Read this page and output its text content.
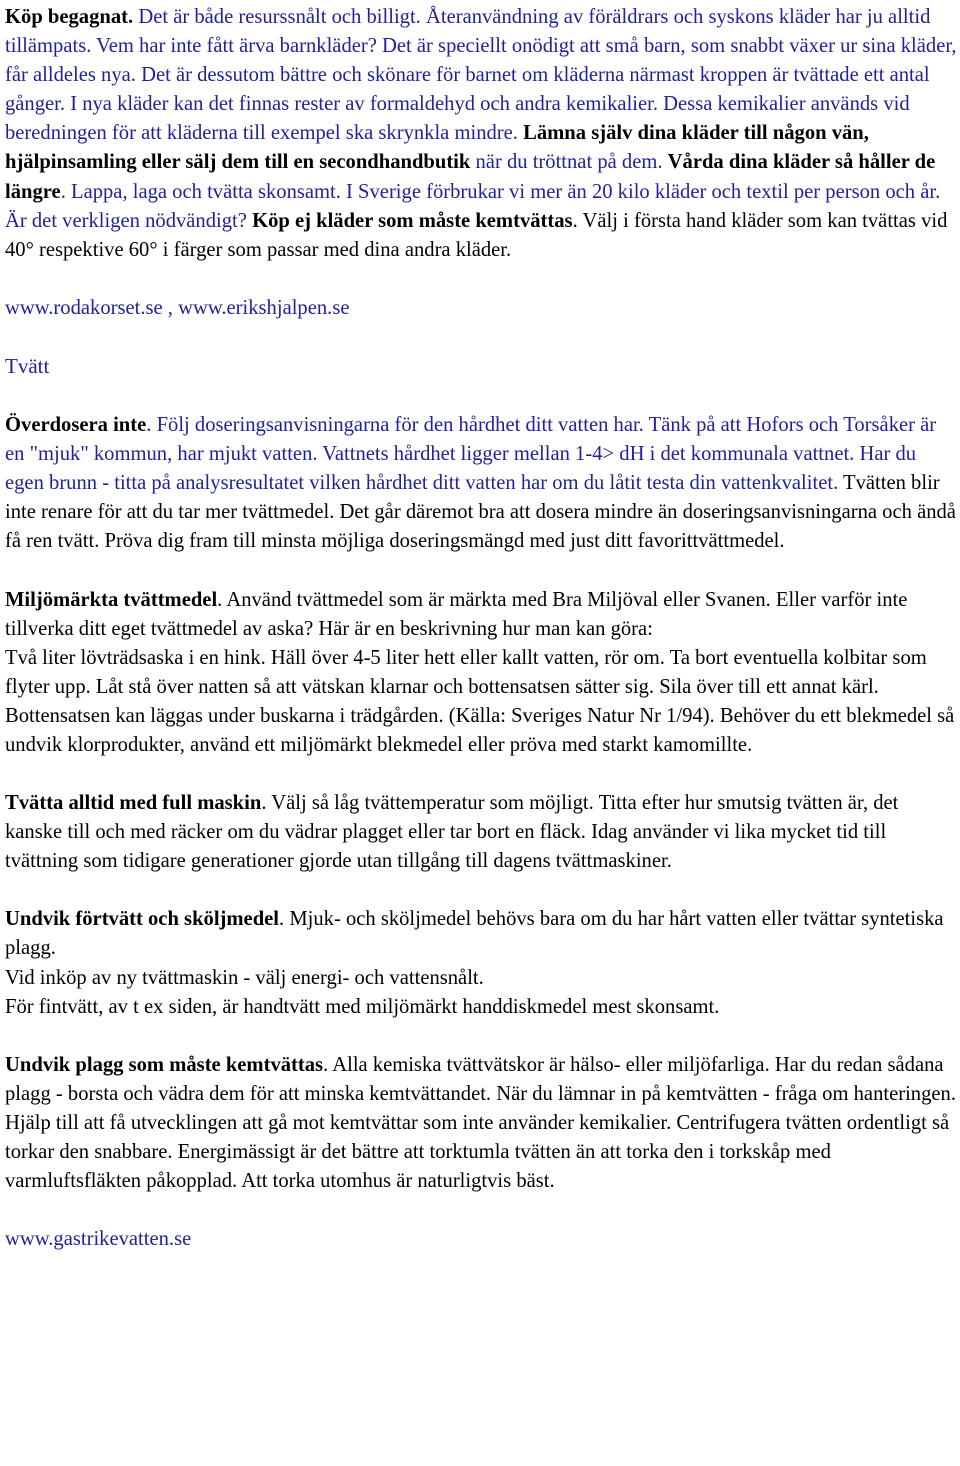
Köp begagnat. Det är både resurssnålt och billigt. Återanvändning av föräldrars och syskons kläder har ju alltid tillämpats. Vem har inte fått ärva barnkläder? Det är speciellt onödigt att små barn, som snabbt växer ur sina kläder, får alldeles nya. Det är dessutom bättre och skönare för barnet om kläderna närmast kroppen är tvättade ett antal gånger. I nya kläder kan det finnas rester av formaldehyd och andra kemikalier. Dessa kemikalier används vid beredningen för att kläderna till exempel ska skrynkla mindre. Lämna själv dina kläder till någon vän, hjälpinsamling eller sälj dem till en secondhandbutik när du tröttnat på dem. Vårda dina kläder så håller de längre. Lappa, laga och tvätta skonsamt. I Sverige förbrukar vi mer än 20 kilo kläder och textil per person och år. Är det verkligen nödvändigt? Köp ej kläder som måste kemtvättas. Välj i första hand kläder som kan tvättas vid 40° respektive 60° i färger som passar med dina andra kläder.

www.rodakorset.se , www.erikshjalpen.se

Tvätt

Överdosera inte. Följ doseringsanvisningarna för den hårdhet ditt vatten har. Tänk på att Hofors och Torsåker är en "mjuk" kommun, har mjukt vatten. Vattnets hårdhet ligger mellan 1-4> dH i det kommunala vattnet. Har du egen brunn - titta på analysresultatet vilken hårdhet ditt vatten har om du låtit testa din vattenkvalitet. Tvätten blir inte renare för att du tar mer tvättmedel. Det går däremot bra att dosera mindre än doseringsanvisningarna och ändå få ren tvätt. Pröva dig fram till minsta möjliga doseringsmängd med just ditt favorittvättmedel.

Miljömärkta tvättmedel. Använd tvättmedel som är märkta med Bra Miljöval eller Svanen. Eller varför inte tillverka ditt eget tvättmedel av aska? Här är en beskrivning hur man kan göra:
Två liter lövträdsaska i en hink. Häll över 4-5 liter hett eller kallt vatten, rör om. Ta bort eventuella kolbitar som flyter upp. Låt stå över natten så att vätskan klarnar och bottensatsen sätter sig. Sila över till ett annat kärl. Bottensatsen kan läggas under buskarna i trädgården. (Källa: Sveriges Natur Nr 1/94). Behöver du ett blekmedel så undvik klorprodukter, använd ett miljömärkt blekmedel eller pröva med starkt kamomillte.

Tvätta alltid med full maskin. Välj så låg tvättemperatur som möjligt. Titta efter hur smutsig tvätten är, det kanske till och med räcker om du vädrar plagget eller tar bort en fläck. Idag använder vi lika mycket tid till tvättning som tidigare generationer gjorde utan tillgång till dagens tvättmaskiner.

Undvik förtvätt och sköljmedel. Mjuk- och sköljmedel behövs bara om du har hårt vatten eller tvättar syntetiska plagg.
Vid inköp av ny tvättmaskin - välj energi- och vattensnålt.
För fintvätt, av t ex siden, är handtvätt med miljömärkt handdiskmedel mest skonsamt.

Undvik plagg som måste kemtvättas. Alla kemiska tvättvätskor är hälso- eller miljöfarliga. Har du redan sådana plagg - borsta och vädra dem för att minska kemtvättandet. När du lämnar in på kemtvätten - fråga om hanteringen. Hjälp till att få utvecklingen att gå mot kemtvättar som inte använder kemikalier. Centrifugera tvätten ordentligt så torkar den snabbare. Energimässigt är det bättre att torktumla tvätten än att torka den i torkskåp med varmluftsfläkten påkopplad. Att torka utomhus är naturligtvis bäst.

www.gastrikevatten.se
